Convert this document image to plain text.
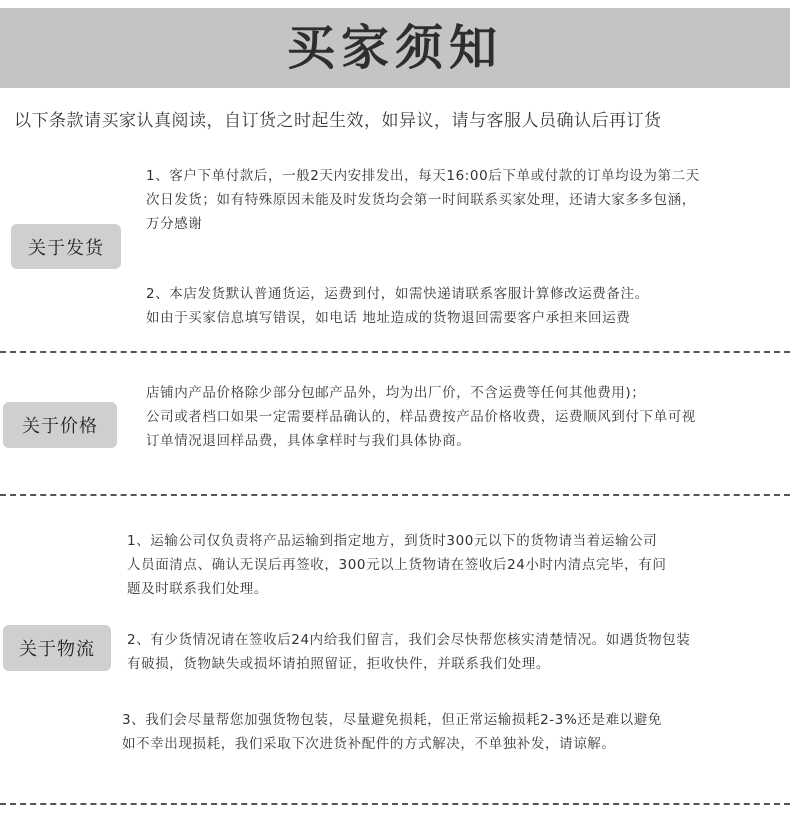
买家须知
以下条款请买家认真阅读，自订货之时起生效，如异议，请与客服人员确认后再订货
关于发货
1、客户下单付款后，一般2天内安排发出，每天16:00后下单或付款的订单均设为第二天
次日发货；如有特殊原因未能及时发货均会第一时间联系买家处理，还请大家多多包涵，
万分感谢
2、本店发货默认普通货运，运费到付，如需快递请联系客服计算修改运费备注。
如由于买家信息填写错误，如电话 地址造成的货物退回需要客户承担来回运费
关于价格
店铺内产品价格除少部分包邮产品外，均为出厂价，不含运费等任何其他费用)；
公司或者档口如果一定需要样品确认的，样品费按产品价格收费，运费顺风到付下单可视
订单情况退回样品费，具体拿样时与我们具体协商。
关于物流
1、运输公司仅负责将产品运输到指定地方，到货时300元以下的货物请当着运输公司
人员面清点、确认无误后再签收，300元以上货物请在签收后24小时内清点完毕，有问
题及时联系我们处理。
2、有少货情况请在签收后24内给我们留言，我们会尽快帮您核实清楚情况。如遇货物包装
有破损，货物缺失或损坏请拍照留证，拒收快件，并联系我们处理。
3、我们会尽量帮您加强货物包装，尽量避免损耗，但正常运输损耗2-3%还是难以避免
如不幸出现损耗，我们采取下次进货补配件的方式解决，不单独补发，请谅解。
